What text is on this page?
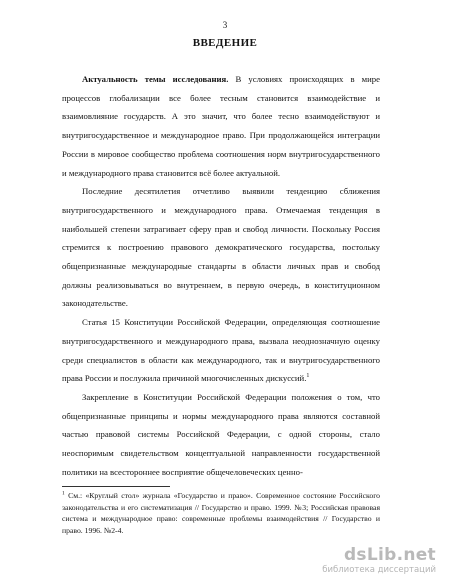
3
ВВЕДЕНИЕ

Актуальность темы исследования. В условиях происходящих в мире процессов глобализации все более тесным становится взаимодействие и взаимовлияние государств. А это значит, что более тесно взаимодействуют и внутригосударственное и международное право. При продолжающейся интеграции России в мировое сообщество проблема соотношения норм внутригосударственного и международного права становится всё более актуальной.

Последние десятилетия отчетливо выявили тенденцию сближения внутригосударственного и международного права. Отмечаемая тенденция в наибольшей степени затрагивает сферу прав и свобод личности. Поскольку Россия стремится к построению правового демократического государства, постольку общепризнанные международные стандарты в области личных прав и свобод должны реализовываться во внутреннем, в первую очередь, в конституционном законодательстве.

Статья 15 Конституции Российской Федерации, определяющая соотношение внутригосударственного и международного права, вызвала неоднозначную оценку среди специалистов в области как международного, так и внутригосударственного права России и послужила причиной многочисленных дискуссий.$^1$

Закрепление в Конституции Российской Федерации положения о том, что общепризнанные принципы и нормы международного права являются составной частью правовой системы Российской Федерации, с одной стороны, стало неоспоримым свидетельством концептуальной направленности государственной политики на всестороннее восприятие общечеловеческих ценно-

$^1$ См.: «Круглый стол» журнала «Государство и право». Современное состояние Российского законодательства и его систематизация // Государство и право. 1999. №3; Российская правовая система и международное право: современные проблемы взаимодействия // Государство и право. 1996. №2-4.

dsLib.net
библиотека диссертаций
